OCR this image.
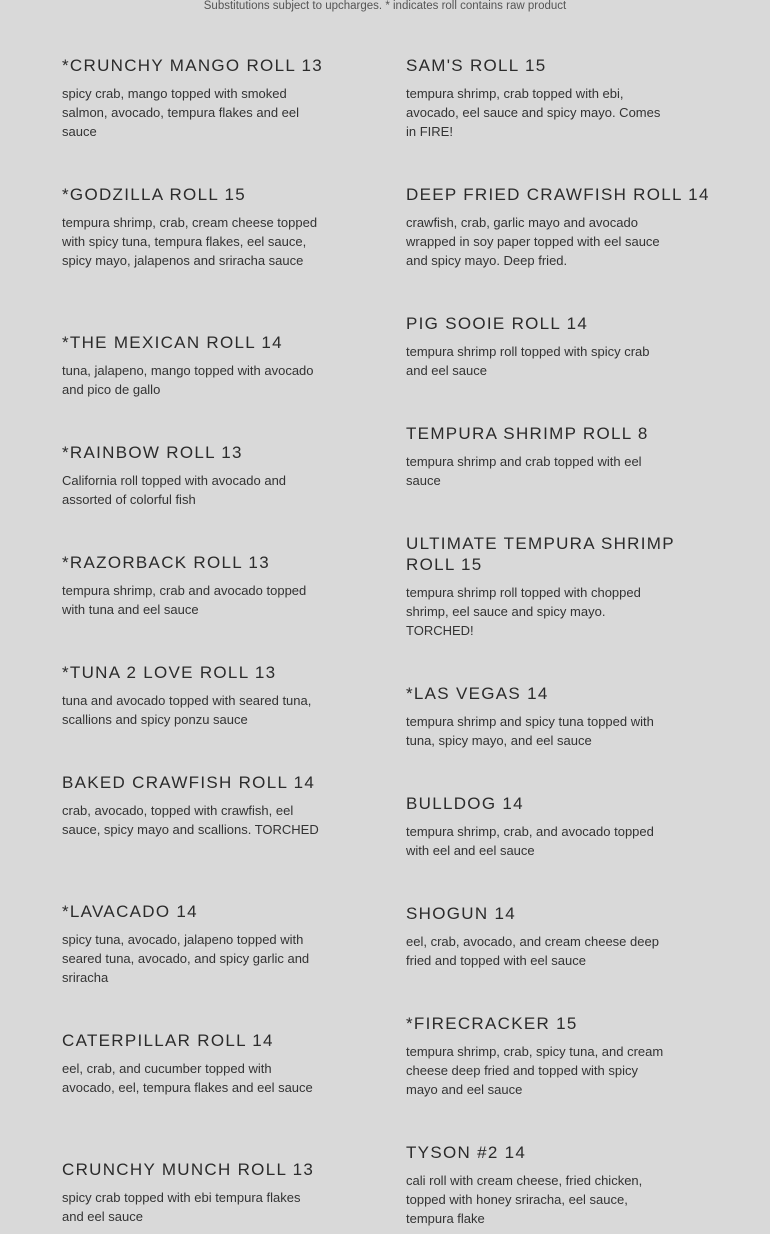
Substitutions subject to upcharges. * indicates roll contains raw product
*CRUNCHY MANGO ROLL 13
spicy crab, mango topped with smoked salmon, avocado, tempura flakes and eel sauce
*GODZILLA ROLL 15
tempura shrimp, crab, cream cheese topped with spicy tuna, tempura flakes, eel sauce, spicy mayo, jalapenos and sriracha sauce
*THE MEXICAN ROLL 14
tuna, jalapeno, mango topped with avocado and pico de gallo
*RAINBOW ROLL 13
California roll topped with avocado and assorted of colorful fish
*RAZORBACK ROLL 13
tempura shrimp, crab and avocado topped with tuna and eel sauce
*TUNA 2 LOVE ROLL 13
tuna and avocado topped with seared tuna, scallions and spicy ponzu sauce
BAKED CRAWFISH ROLL 14
crab, avocado, topped with crawfish, eel sauce, spicy mayo and scallions. TORCHED
*LAVACADO 14
spicy tuna, avocado, jalapeno topped with seared tuna, avocado, and spicy garlic and sriracha
CATERPILLAR ROLL 14
eel, crab, and cucumber topped with avocado, eel, tempura flakes and eel sauce
CRUNCHY MUNCH ROLL 13
spicy crab topped with ebi tempura flakes and eel sauce
SAM'S ROLL 15
tempura shrimp, crab topped with ebi, avocado, eel sauce and spicy mayo. Comes in FIRE!
DEEP FRIED CRAWFISH ROLL 14
crawfish, crab, garlic mayo and avocado wrapped in soy paper topped with eel sauce and spicy mayo. Deep fried.
PIG SOOIE ROLL 14
tempura shrimp roll topped with spicy crab and eel sauce
TEMPURA SHRIMP ROLL 8
tempura shrimp and crab topped with eel sauce
ULTIMATE TEMPURA SHRIMP ROLL 15
tempura shrimp roll topped with chopped shrimp, eel sauce and spicy mayo. TORCHED!
*LAS VEGAS 14
tempura shrimp and spicy tuna topped with tuna, spicy mayo, and eel sauce
BULLDOG 14
tempura shrimp, crab, and avocado topped with eel and eel sauce
SHOGUN 14
eel, crab, avocado, and cream cheese deep fried and topped with eel sauce
*FIRECRACKER 15
tempura shrimp, crab, spicy tuna, and cream cheese deep fried and topped with spicy mayo and eel sauce
TYSON #2 14
cali roll with cream cheese, fried chicken, topped with honey sriracha, eel sauce, tempura flake
